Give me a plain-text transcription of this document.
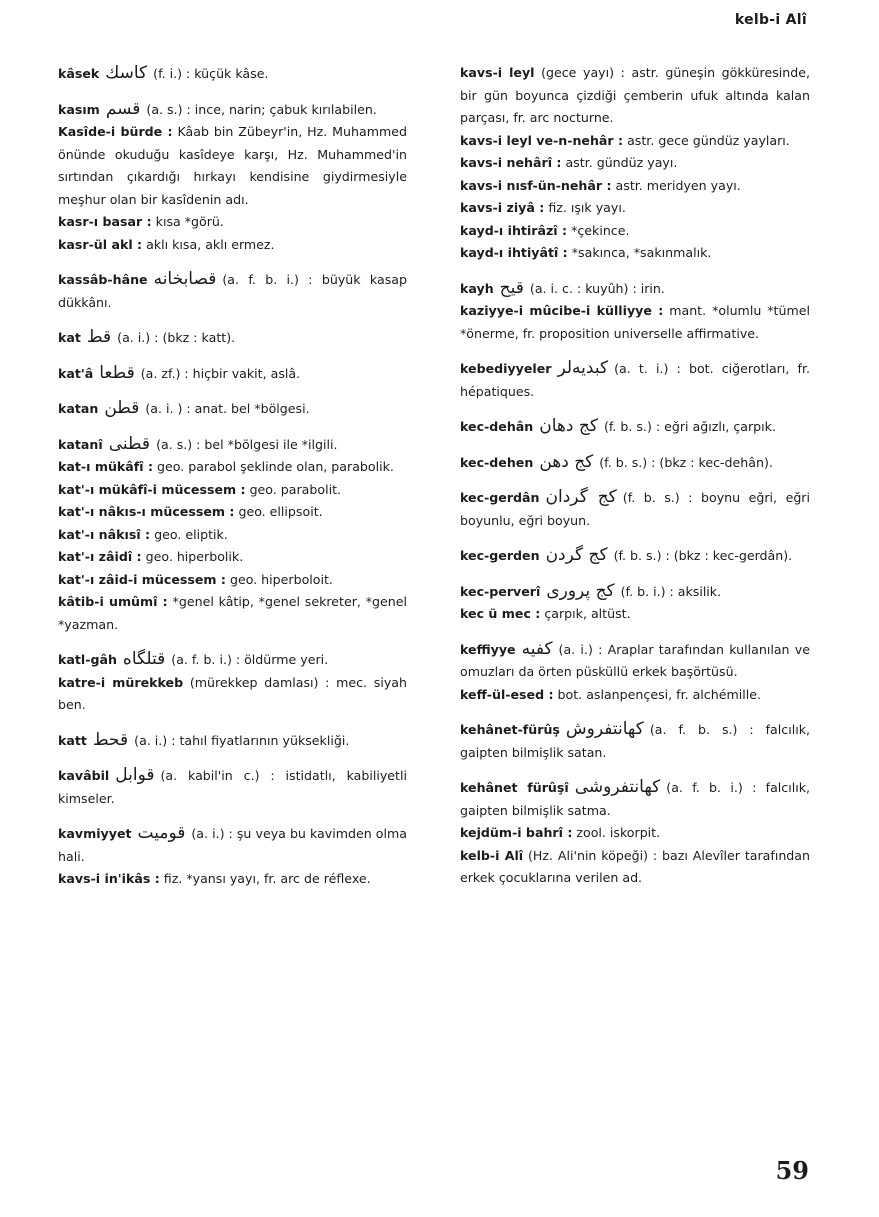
kelb-i Alî

kâsek كاسك (f. i.) : küçük kâse.

kasım قسم (a. s.) : ince, narin; çabuk kırılabilen.

Kasîde-i bürde : Kâab bin Zübeyr'in, Hz. Muhammed önünde okuduğu kasîdeye karşı, Hz. Muhammed'in sırtından çıkardığı hırkayı kendisine giydirmesiyle meşhur olan bir kasîdenin adı.

kasr-ı basar : kısa *görü.

kasr-ül akl : aklı kısa, aklı ermez.

kassâb-hâne قصابخانه (a. f. b. i.) : büyük kasap dükkânı.

kat قط (a. i.) : (bkz : katt).

kat'â قطعا (a. zf.) : hiçbir vakit, aslâ.

katan قطن (a. i. ) : anat. bel *bölgesi.

katanî قطنى (a. s.) : bel *bölgesi ile *ilgili.

kat-ı mükâfî : geo. parabol şeklinde olan, parabolik.

kat'-ı mükâfî-i mücessem : geo. parabolit.

kat'-ı nâkıs-ı mücessem : geo. ellipsoit.

kat'-ı nâkısî : geo. eliptik.

kat'-ı zâidî : geo. hiperbolik.

kat'-ı zâid-i mücessem : geo. hiperboloit.

kâtib-i umûmî : *genel kâtip, *genel sekreter, *genel *yazman.

katl-gâh قتلگاه (a. f. b. i.) : öldürme yeri.

katre-i mürekkeb (mürekkep damlası) : mec. siyah ben.

katt قحط (a. i.) : tahıl fiyatlarının yüksekliği.

kavâbil قوابل (a. kabil'in c.) : istidatlı, kabiliyetli kimseler.

kavmiyyet قوميت (a. i.) : şu veya bu kavimden olma hali.

kavs-i in'ikâs : fiz. *yansı yayı, fr. arc de réflexe.

kavs-i leyl (gece yayı) : astr. güneşin gökküresinde, bir gün boyunca çizdiği çemberin ufuk altında kalan parçası, fr. arc nocturne.

kavs-i leyl ve-n-nehâr : astr. gece gündüz yayları.

kavs-i nehârî : astr. gündüz yayı.

kavs-i nısf-ün-nehâr : astr. meridyen yayı.

kavs-i ziyâ : fiz. ışık yayı.

kayd-ı ihtirâzî : *çekince.

kayd-ı ihtiyâtî : *sakınca, *sakınmalık.

kayh قيح (a. i. c. : kuyûh) : irin.

kaziyye-i mûcibe-i külliyye : mant. *olumlu *tümel *önerme, fr. proposition universelle affirmative.

kebediyyeler كبديه‌لر (a. t. i.) : bot. ciğerotları, fr. hépatiques.

kec-dehân كج دهان (f. b. s.) : eğri ağızlı, çarpık.

kec-dehen كج دهن (f. b. s.) : (bkz : kec-dehân).

kec-gerdân كج گردان (f. b. s.) : boynu eğri, eğri boyunlu, eğri boyun.

kec-gerden كج گردن (f. b. s.) : (bkz : kec-gerdân).

kec-perverî كج پرورى (f. b. i.) : aksilik.

kec ü mec : çarpık, altüst.

keffiyye كفيه (a. i.) : Araplar tarafından kullanılan ve omuzları da örten püsküllü erkek başörtüsü.

keff-ül-esed : bot. aslanpençesi, fr. alchémille.

kehânet-fürûş كهانتفروش (a. f. b. s.) : falcılık, gaipten bilmişlik satan.

kehânet fürûşî كهانتفروشى (a. f. b. i.) : falcılık, gaipten bilmişlik satma.

kejdüm-i bahrî : zool. iskorpit.

kelb-i Alî (Hz. Ali'nin köpeği) : bazı Alevîler tarafından erkek çocuklarına verilen ad.

59
